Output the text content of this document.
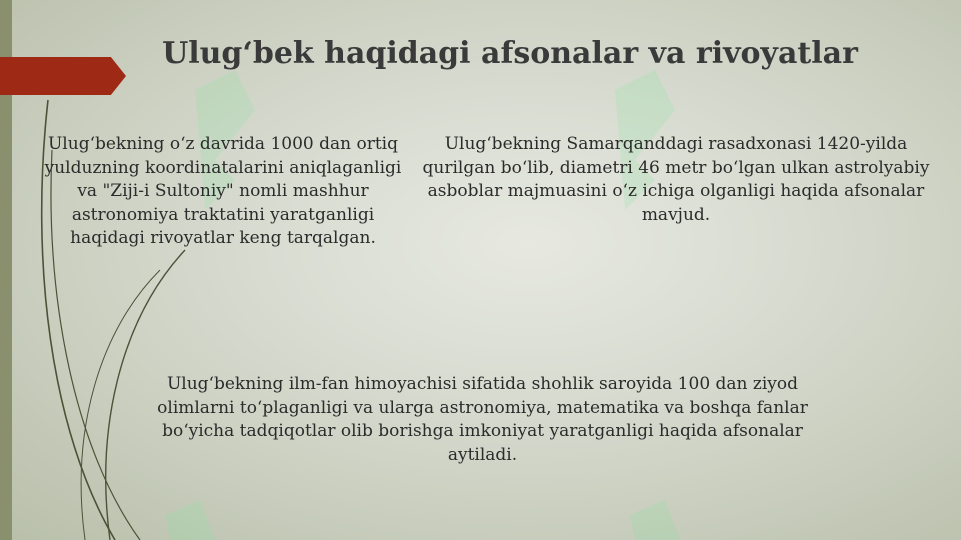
Ulug‘bek haqidagi afsonalar va rivoyatlar
Ulug‘bekning o‘z davrida 1000 dan ortiq yulduzning koordinatalarini aniqlaganligi va "Ziji-i Sultoniy" nomli mashhur astronomiya traktatini yaratganligi haqidagi rivoyatlar keng tarqalgan.
Ulug‘bekning Samarqanddagi rasadxonasi 1420-yilda qurilgan bo‘lib, diametri 46 metr bo‘lgan ulkan astrolyabiy asboblar majmuasini o‘z ichiga olganligi haqida afsonalar mavjud.
Ulug‘bekning ilm-fan himoyachisi sifatida shohlik saroyida 100 dan ziyod olimlarni to‘plaganligi va ularga astronomiya, matematika va boshqa fanlar bo‘yicha tadqiqotlar olib borishga imkoniyat yaratganligi haqida afsonalar aytiladi.
